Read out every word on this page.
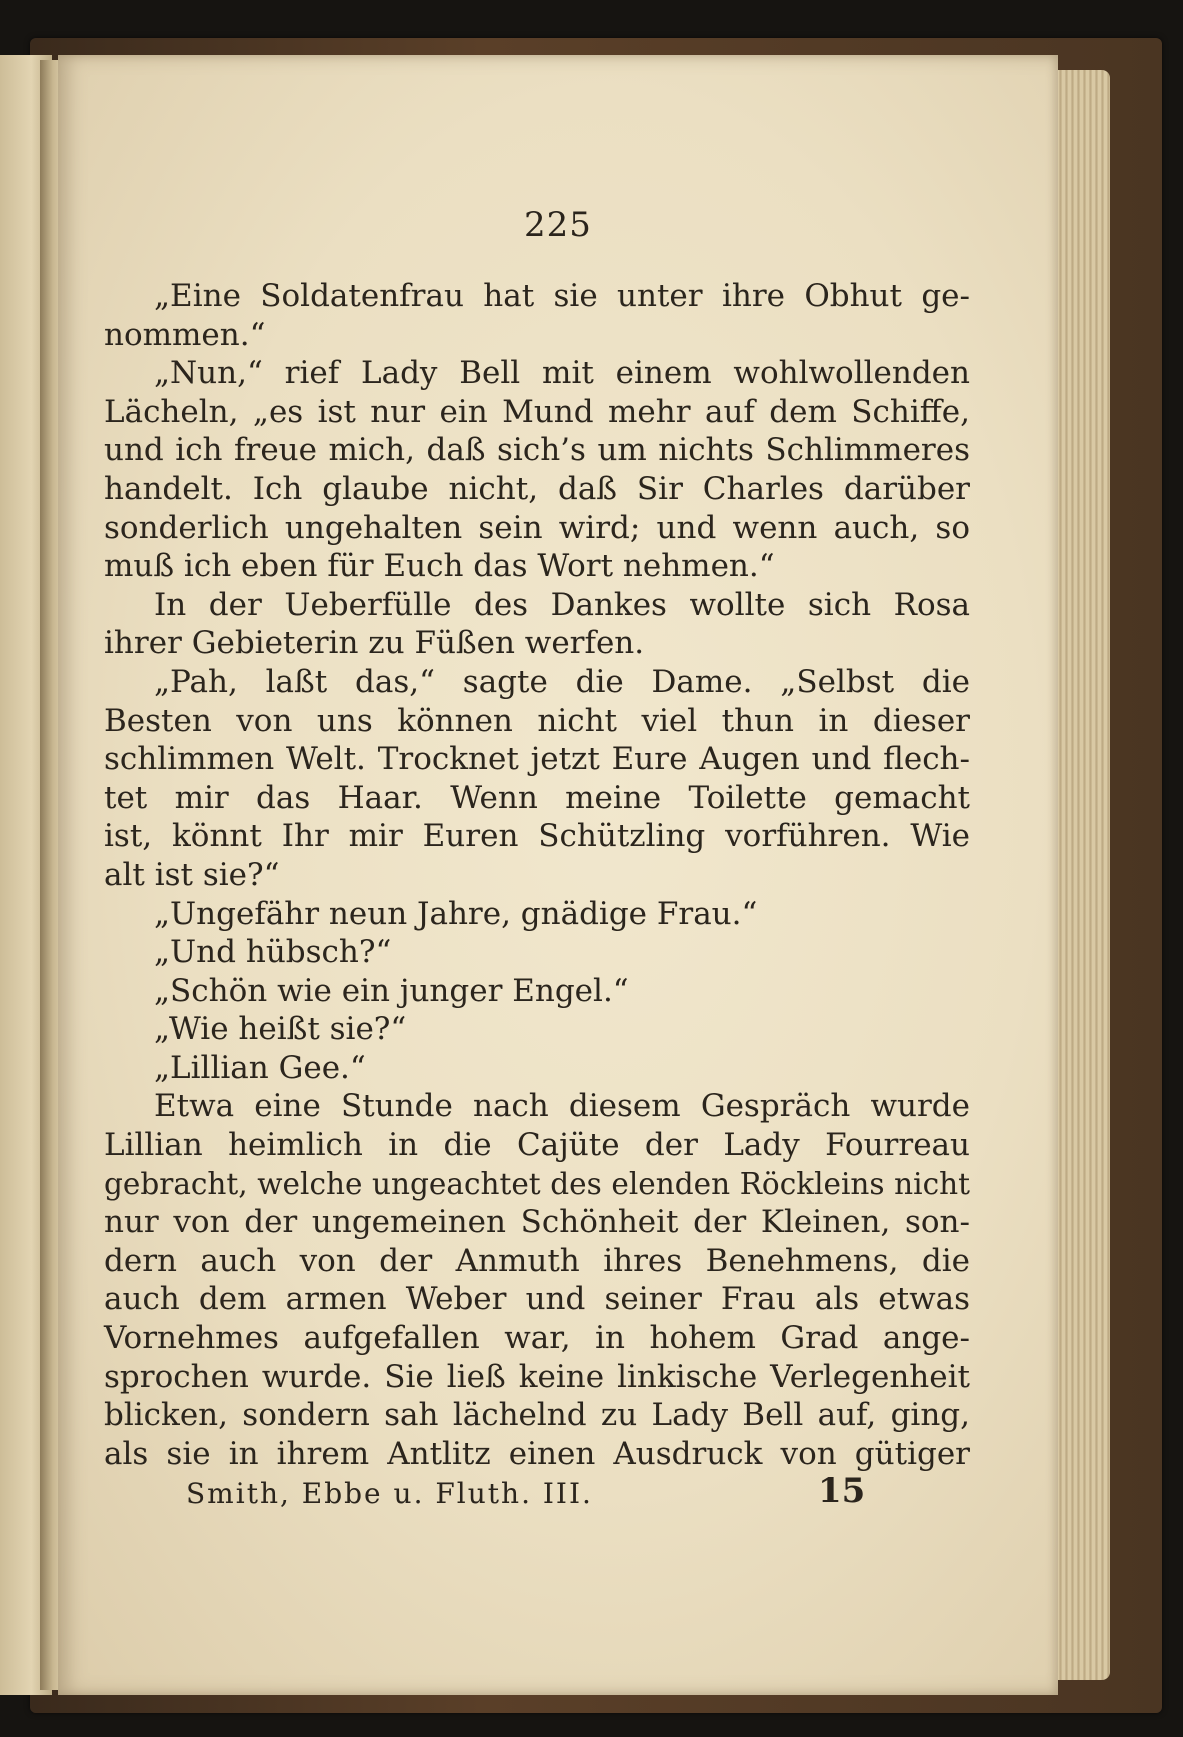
225
„Eine Soldatenfrau hat sie unter ihre Obhut ge-
nommen.“
„Nun,“ rief Lady Bell mit einem wohlwollenden
Lächeln, „es ist nur ein Mund mehr auf dem Schiffe,
und ich freue mich, daß sich’s um nichts Schlimmeres
handelt. Ich glaube nicht, daß Sir Charles darüber
sonderlich ungehalten sein wird; und wenn auch, so
muß ich eben für Euch das Wort nehmen.“
In der Ueberfülle des Dankes wollte sich Rosa
ihrer Gebieterin zu Füßen werfen.
„Pah, laßt das,“ sagte die Dame. „Selbst die
Besten von uns können nicht viel thun in dieser
schlimmen Welt. Trocknet jetzt Eure Augen und flech-
tet mir das Haar. Wenn meine Toilette gemacht
ist, könnt Ihr mir Euren Schützling vorführen. Wie
alt ist sie?“
„Ungefähr neun Jahre, gnädige Frau.“
„Und hübsch?“
„Schön wie ein junger Engel.“
„Wie heißt sie?“
„Lillian Gee.“
Etwa eine Stunde nach diesem Gespräch wurde
Lillian heimlich in die Cajüte der Lady Fourreau
gebracht, welche ungeachtet des elenden Röckleins nicht
nur von der ungemeinen Schönheit der Kleinen, son-
dern auch von der Anmuth ihres Benehmens, die
auch dem armen Weber und seiner Frau als etwas
Vornehmes aufgefallen war, in hohem Grad ange-
sprochen wurde. Sie ließ keine linkische Verlegenheit
blicken, sondern sah lächelnd zu Lady Bell auf, ging,
als sie in ihrem Antlitz einen Ausdruck von gütiger
Smith, Ebbe u. Fluth. III.	15
